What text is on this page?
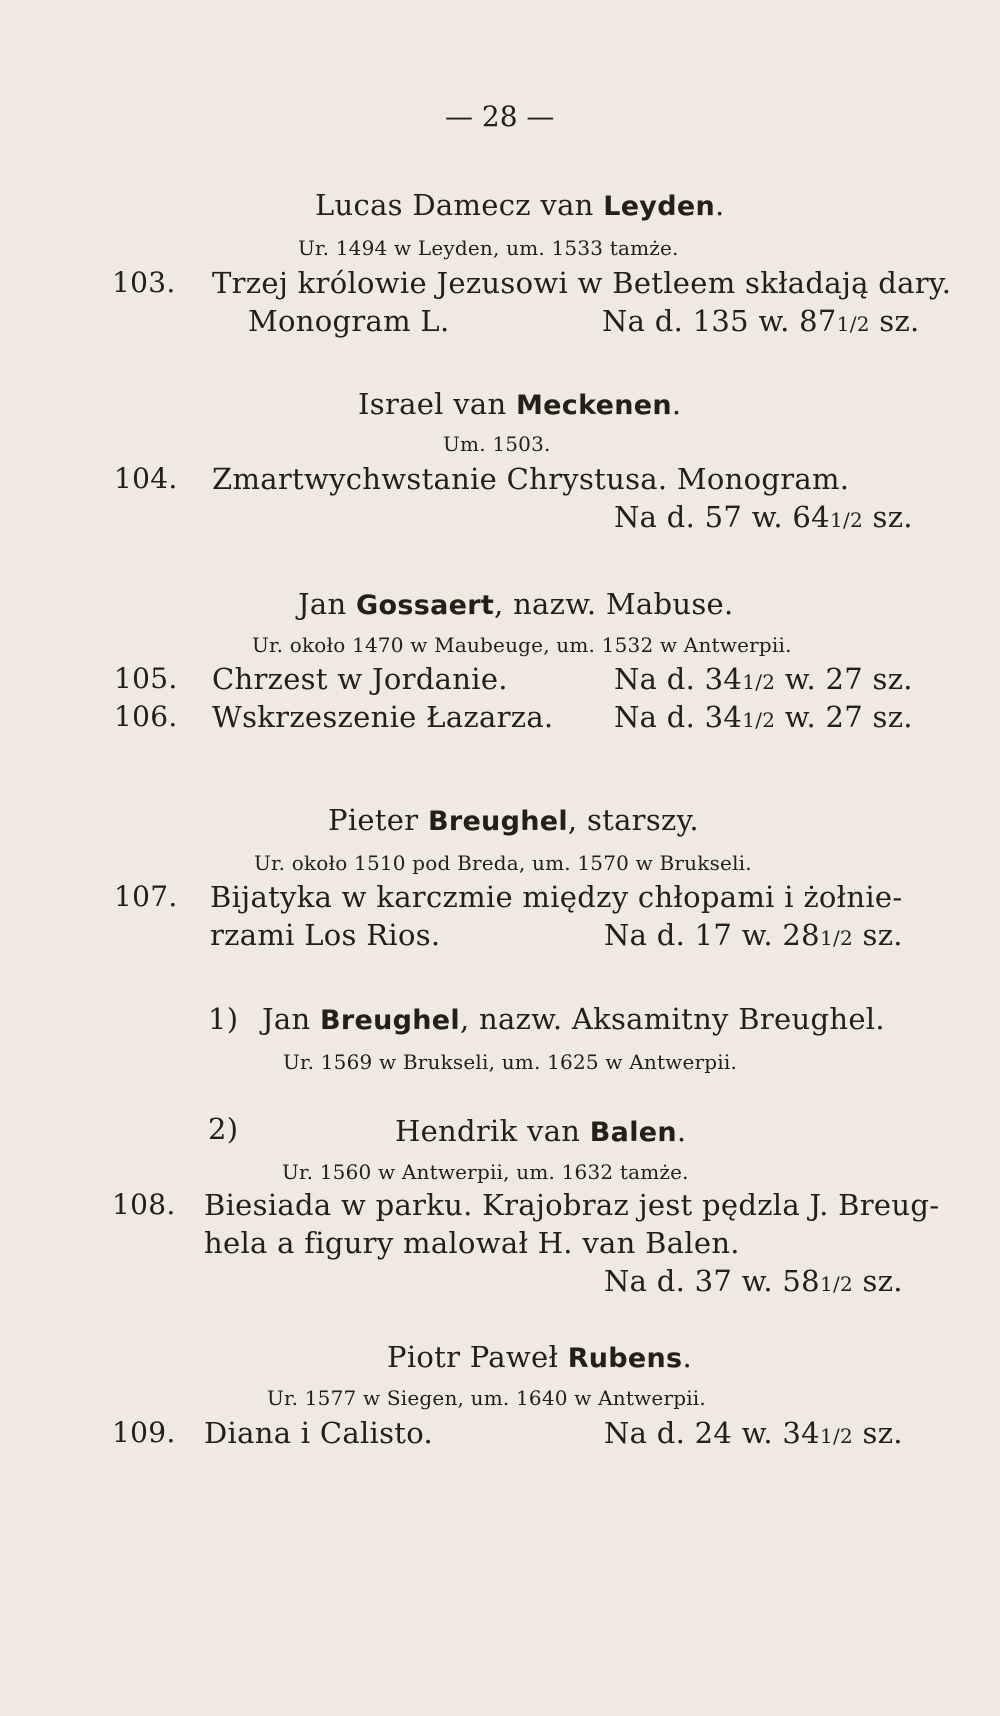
— 28 —
Lucas Damecz van Leyden.
Ur. 1494 w Leyden, um. 1533 tamże.
103. Trzej królowie Jezusowi w Betleem składają dary.
Monogram L.	Na d. 135 w. 871/2 sz.
Israel van Meckenen.
Um. 1503.
104. Zmartwychwstanie Chrystusa. Monogram.
Na d. 57 w. 641/2 sz.
Jan Gossaert, nazw. Mabuse.
Ur. około 1470 w Maubeuge, um. 1532 w Antwerpii.
105. Chrzest w Jordanie.	Na d. 341/2 w. 27 sz.
106. Wskrzeszenie Łazarza. Na d. 341/2 w. 27 sz.
Pieter Breughel, starszy.
Ur. około 1510 pod Breda, um. 1570 w Brukseli.
107. Bijatyka w karczmie między chłopami i żołnie-
rzami Los Rios.	Na d. 17 w. 281/2 sz.
1) Jan Breughel, nazw. Aksamitny Breughel.
Ur. 1569 w Brukseli, um. 1625 w Antwerpii.
2)	Hendrik van Balen.
Ur. 1560 w Antwerpii, um. 1632 tamże.
108. Biesiada w parku. Krajobraz jest pędzla J. Breug-
hela a figury malował H. van Balen.
Na d. 37 w. 581/2 sz.
Piotr Paweł Rubens.
Ur. 1577 w Siegen, um. 1640 w Antwerpii.
109. Diana i Calisto.	Na d. 24 w. 341/2 sz.
